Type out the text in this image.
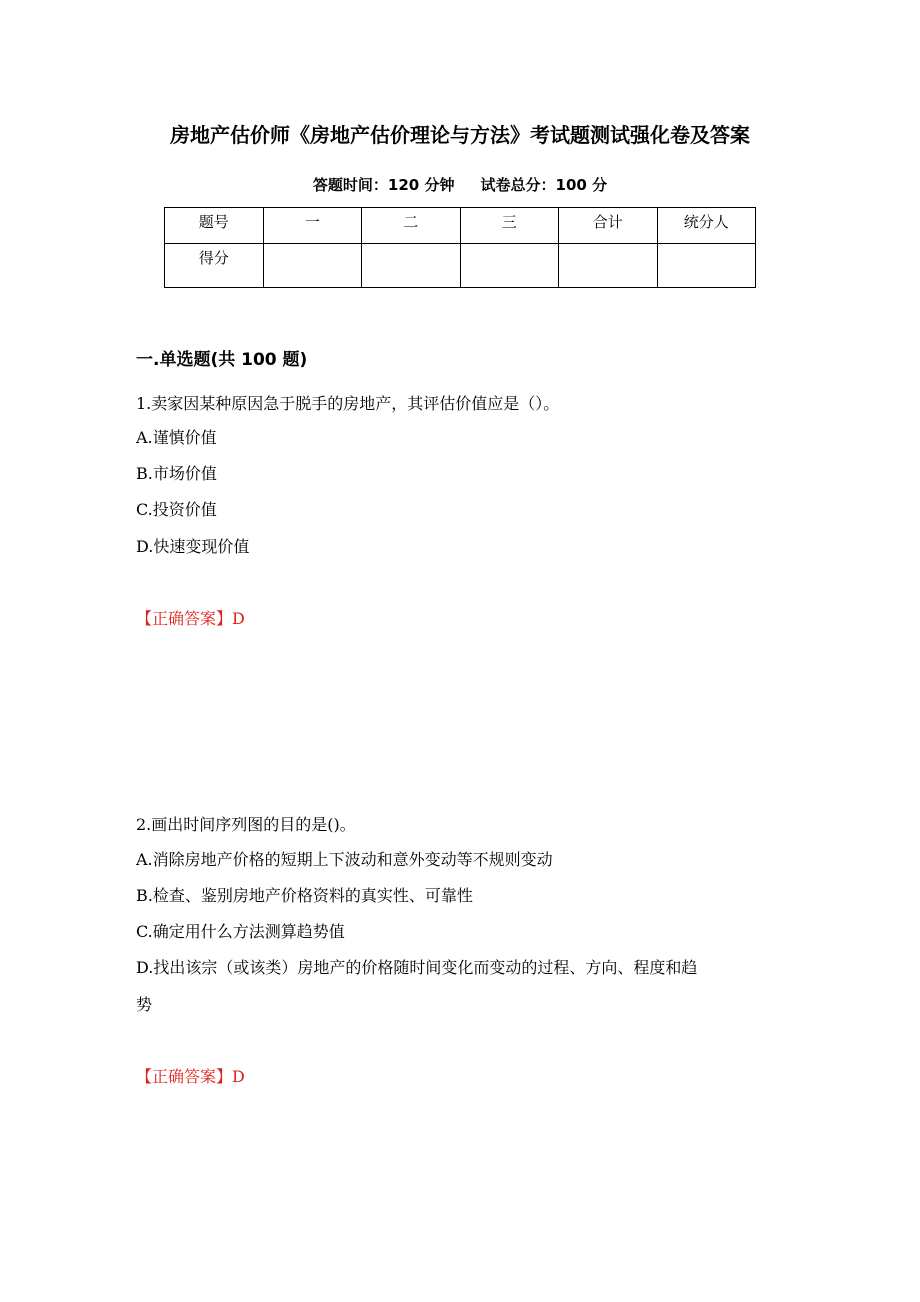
房地产估价师《房地产估价理论与方法》考试题测试强化卷及答案
答题时间：120 分钟     试卷总分：100 分
题号	一	二	三	合计	统分人
得分					
一.单选题(共 100 题)
1.卖家因某种原因急于脱手的房地产，其评估价值应是（）。
A.谨慎价值
B.市场价值
C.投资价值
D.快速变现价值
【正确答案】D
2.画出时间序列图的目的是()。
A.消除房地产价格的短期上下波动和意外变动等不规则变动
B.检查、鉴别房地产价格资料的真实性、可靠性
C.确定用什么方法测算趋势值
D.找出该宗（或该类）房地产的价格随时间变化而变动的过程、方向、程度和趋
势
【正确答案】D
